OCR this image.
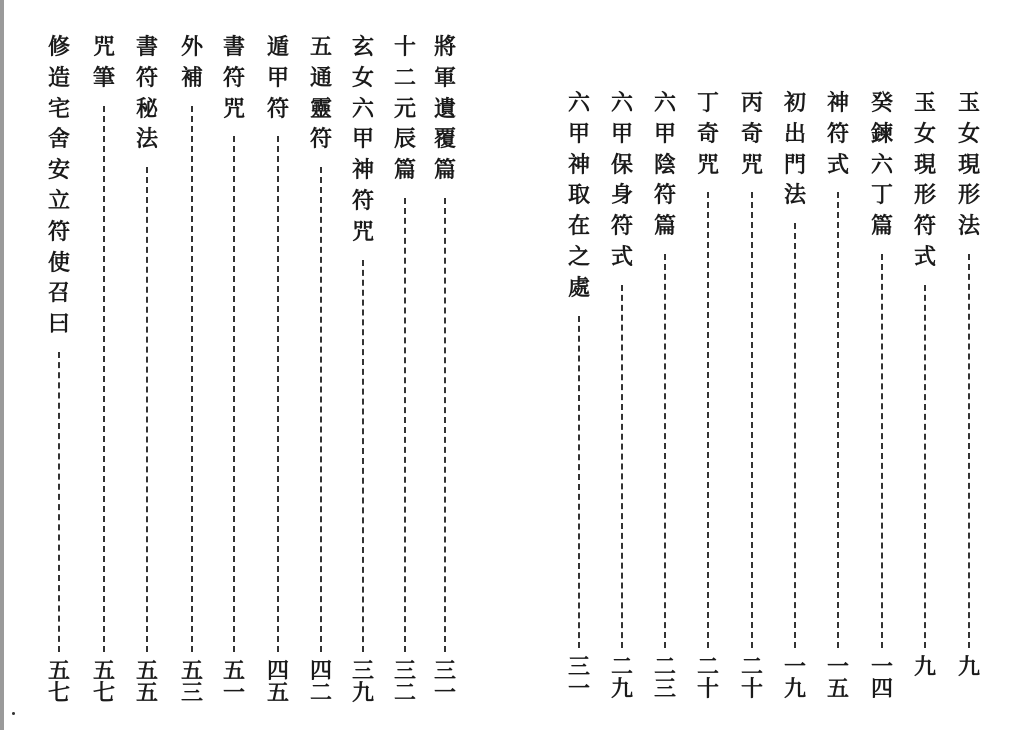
將
軍
遺
覆
篇
三
一
十
二
元
辰
篇
三
二
玄
女
六
甲
神
符
咒
三
九
五
通
靈
符
四
二
遁
甲
符
四
五
書
符
咒
五
一
外
補
五
三
書
符
秘
法
五
五
咒
筆
五
七
修
造
宅
舍
安
立
符
使
召
曰
五
七
玉
女
現
形
法
九
玉
女
現
形
符
式
九
癸
鍊
六
丁
篇
一
四
神
符
式
一
五
初
出
門
法
一
九
丙
奇
咒
二
十
丁
奇
咒
二
十
六
甲
陰
符
篇
二
三
六
甲
保
身
符
式
二
九
六
甲
神
取
在
之
處
三
一
